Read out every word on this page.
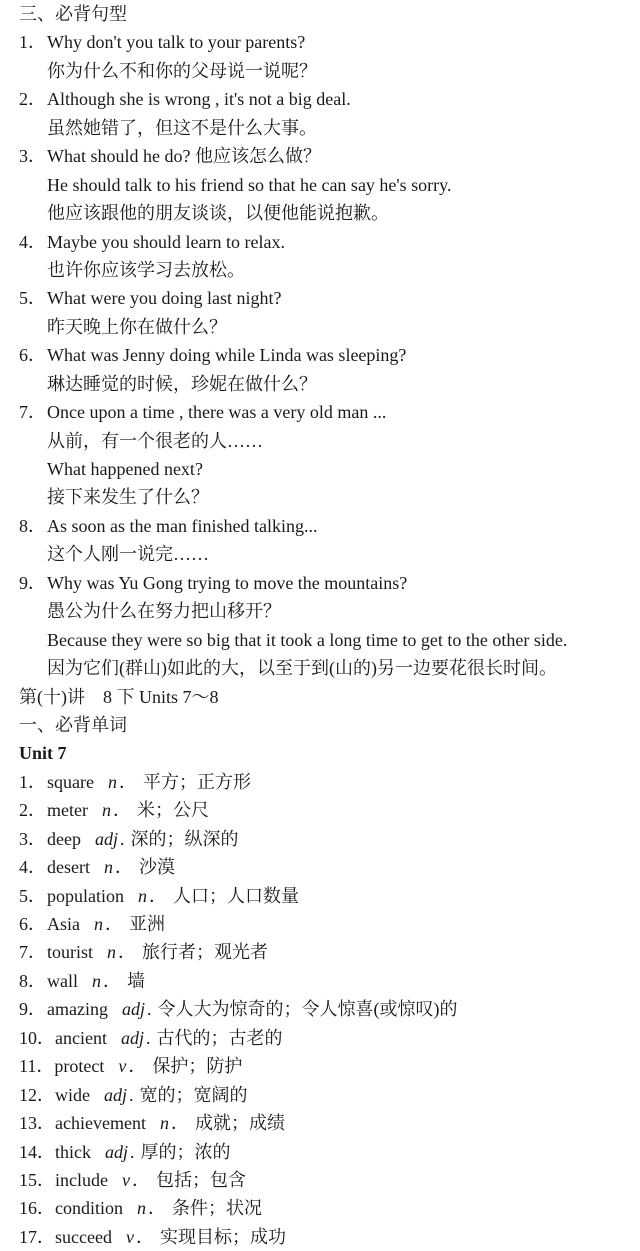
三、必背句型
1．Why don't you talk to your parents?
你为什么不和你的父母说一说呢？
2．Although she is wrong , it's not a big deal.
虽然她错了，但这不是什么大事。
3．What should he do? 他应该怎么做？
He should talk to his friend so that he can say he's sorry.
他应该跟他的朋友谈谈，以便他能说抱歉。
4．Maybe you should learn to relax.
也许你应该学习去放松。
5．What were you doing last night?
昨天晚上你在做什么？
6．What was Jenny doing while Linda was sleeping?
琳达睡觉的时候，珍妮在做什么？
7．Once upon a time , there was a very old man ...
从前，有一个很老的人……
What happened next?
接下来发生了什么？
8．As soon as the man finished talking...
这个人刚一说完……
9．Why was Yu Gong trying to move the mountains?
愚公为什么在努力把山移开？
Because they were so big that it took a long time to get to the other side.
因为它们(群山)如此的大，以至于到(山的)另一边要花很长时间。
第(十)讲　8 下 Units 7～8
一、必背单词
Unit 7
1．square n ． 平方；正方形
2．meter n ． 米；公尺
3．deep adj . 深的；纵深的
4．desert n ． 沙漠
5．population n ． 人口；人口数量
6．Asia n ． 亚洲
7．tourist n ． 旅行者；观光者
8．wall n ． 墙
9．amazing adj . 令人大为惊奇的；令人惊喜(或惊叹)的
10．ancient adj . 古代的；古老的
11．protect v ． 保护；防护
12．wide adj . 宽的；宽阔的
13．achievement n ． 成就；成绩
14．thick adj . 厚的；浓的
15．include v ． 包括；包含
16．condition n ． 条件；状况
17．succeed v ． 实现目标；成功
